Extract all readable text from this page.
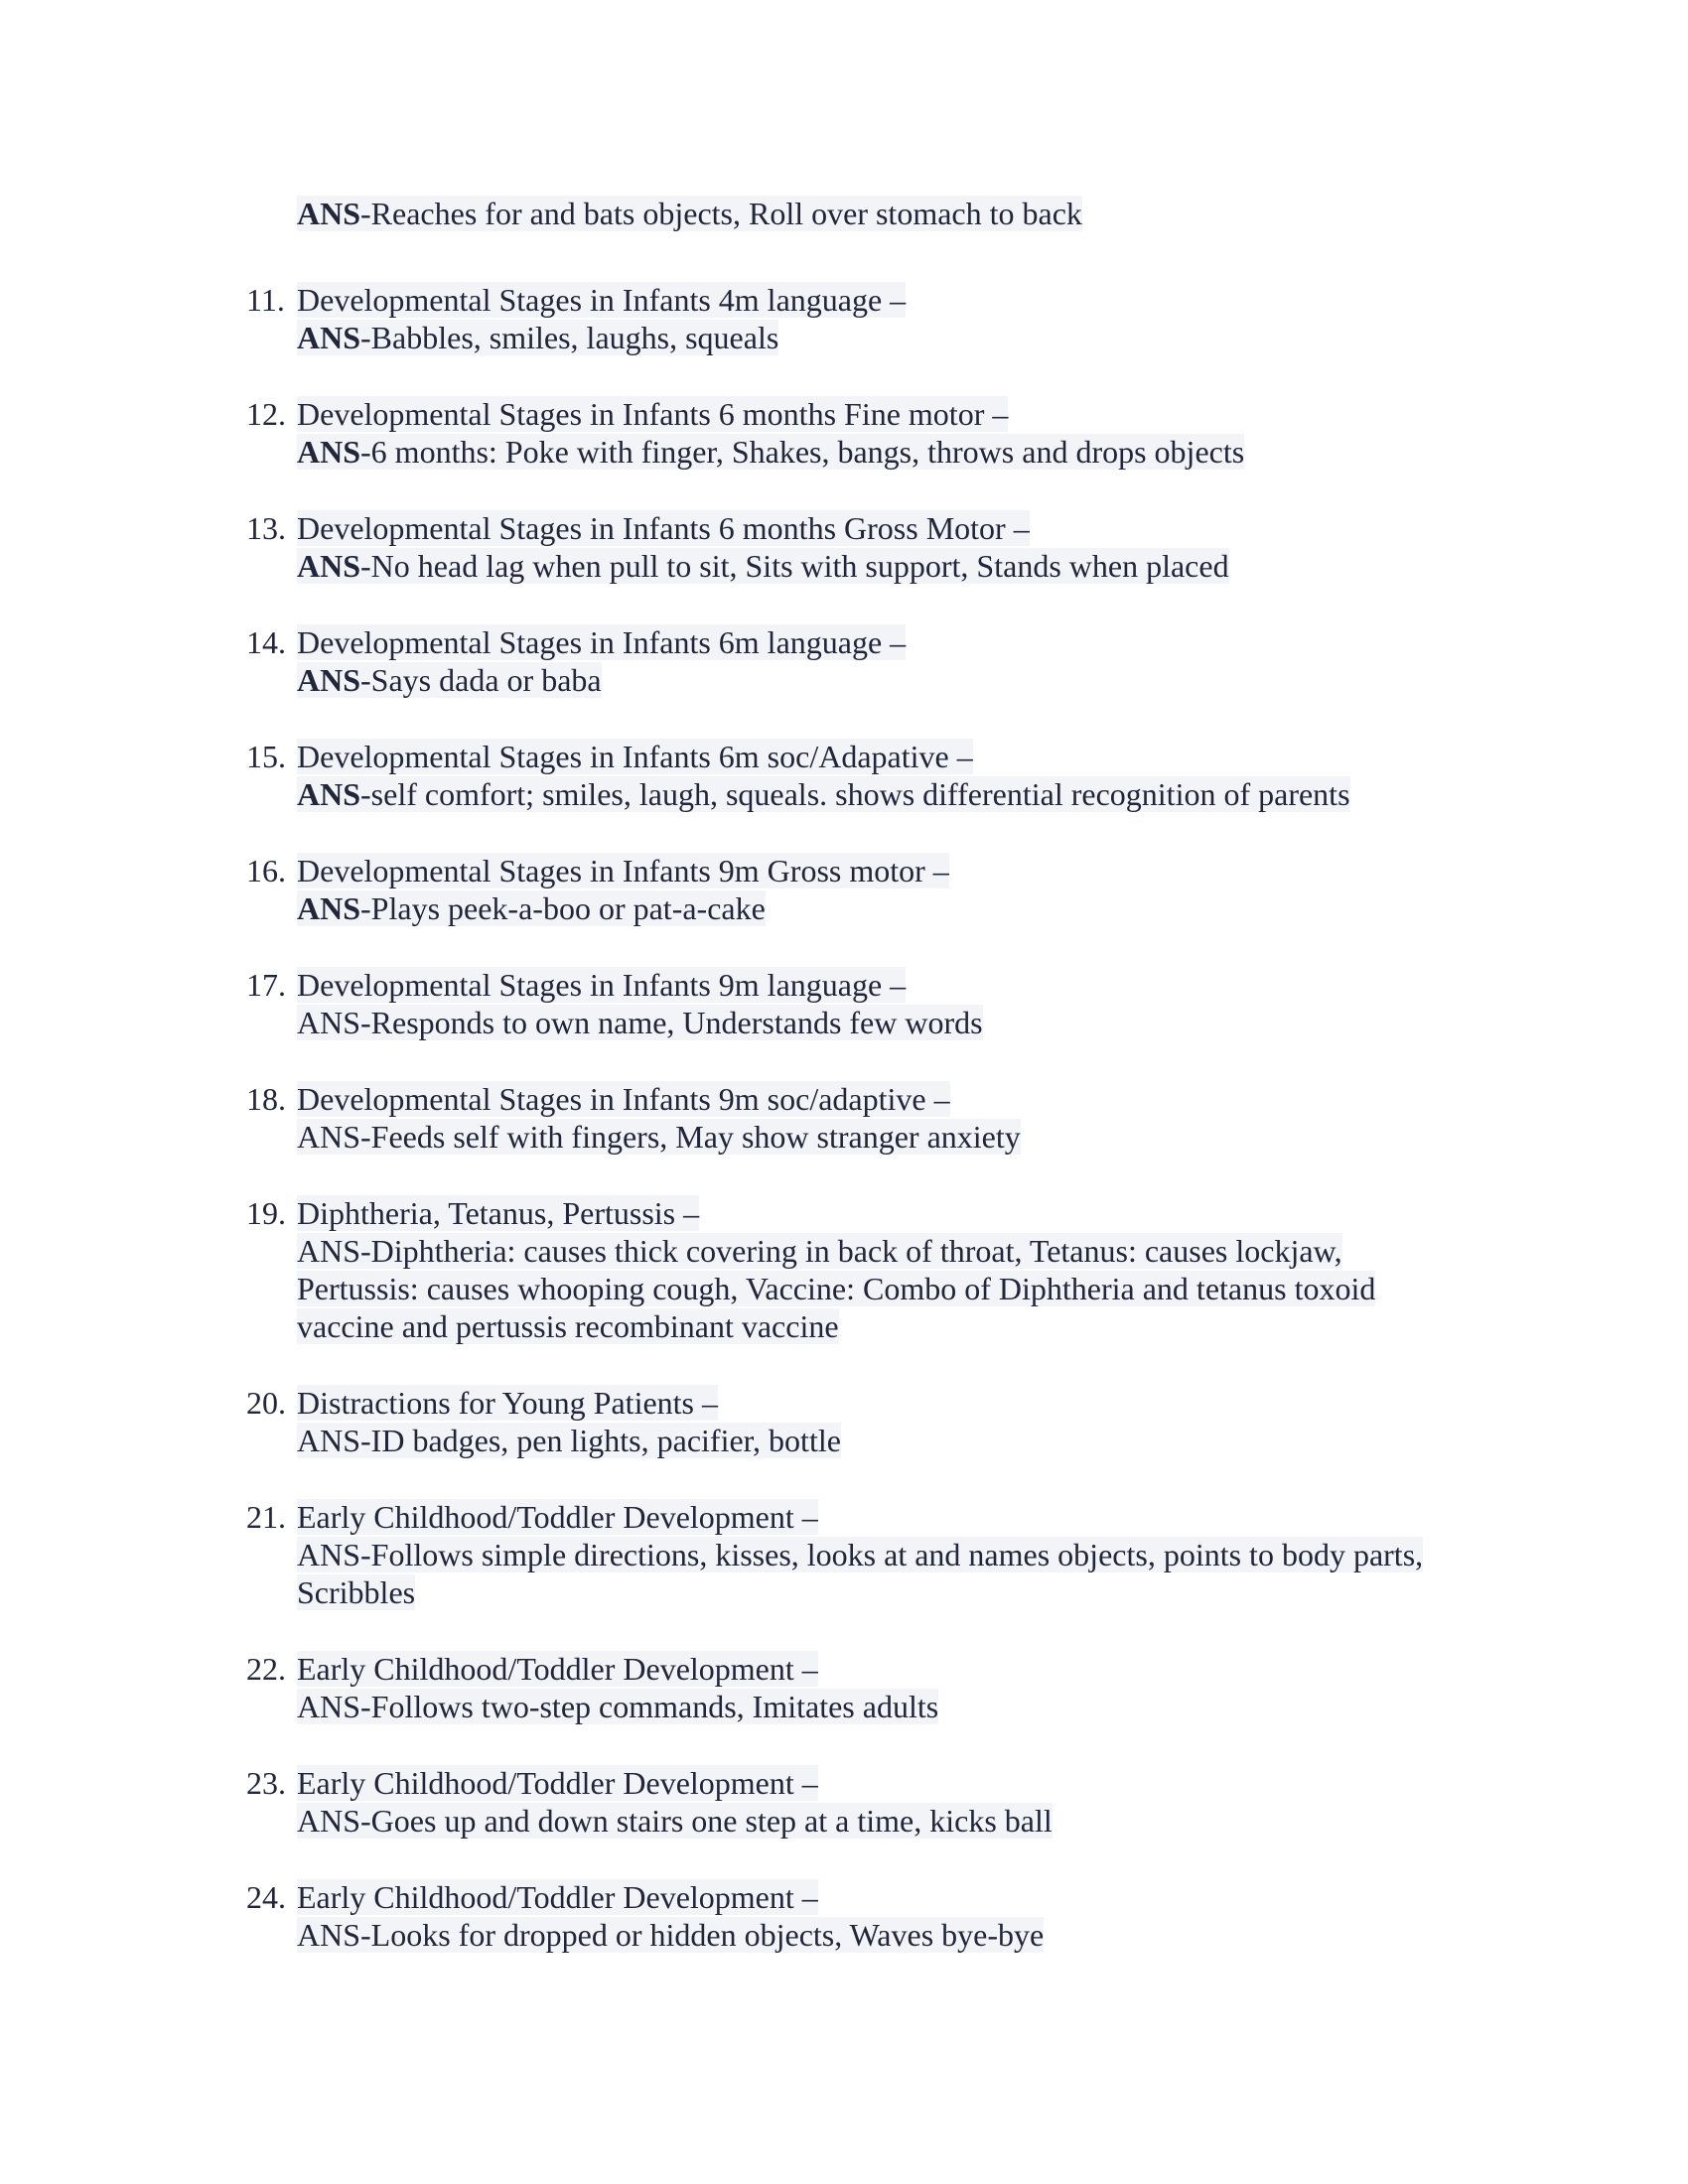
ANS-Reaches for and bats objects, Roll over stomach to back
11. Developmental Stages in Infants 4m language –
ANS-Babbles, smiles, laughs, squeals
12. Developmental Stages in Infants 6 months Fine motor –
ANS-6 months: Poke with finger, Shakes, bangs, throws and drops objects
13. Developmental Stages in Infants 6 months Gross Motor –
ANS-No head lag when pull to sit, Sits with support, Stands when placed
14. Developmental Stages in Infants 6m language –
ANS-Says dada or baba
15. Developmental Stages in Infants 6m soc/Adapative –
ANS-self comfort; smiles, laugh, squeals. shows differential recognition of parents
16. Developmental Stages in Infants 9m Gross motor –
ANS-Plays peek-a-boo or pat-a-cake
17. Developmental Stages in Infants 9m language –
ANS-Responds to own name, Understands few words
18. Developmental Stages in Infants 9m soc/adaptive –
ANS-Feeds self with fingers, May show stranger anxiety
19. Diphtheria, Tetanus, Pertussis –
ANS-Diphtheria: causes thick covering in back of throat, Tetanus: causes lockjaw,
Pertussis: causes whooping cough, Vaccine: Combo of Diphtheria and tetanus toxoid
vaccine and pertussis recombinant vaccine
20. Distractions for Young Patients –
ANS-ID badges, pen lights, pacifier, bottle
21. Early Childhood/Toddler Development –
ANS-Follows simple directions, kisses, looks at and names objects, points to body parts,
Scribbles
22. Early Childhood/Toddler Development –
ANS-Follows two-step commands, Imitates adults
23. Early Childhood/Toddler Development –
ANS-Goes up and down stairs one step at a time, kicks ball
24. Early Childhood/Toddler Development –
ANS-Looks for dropped or hidden objects, Waves bye-bye
